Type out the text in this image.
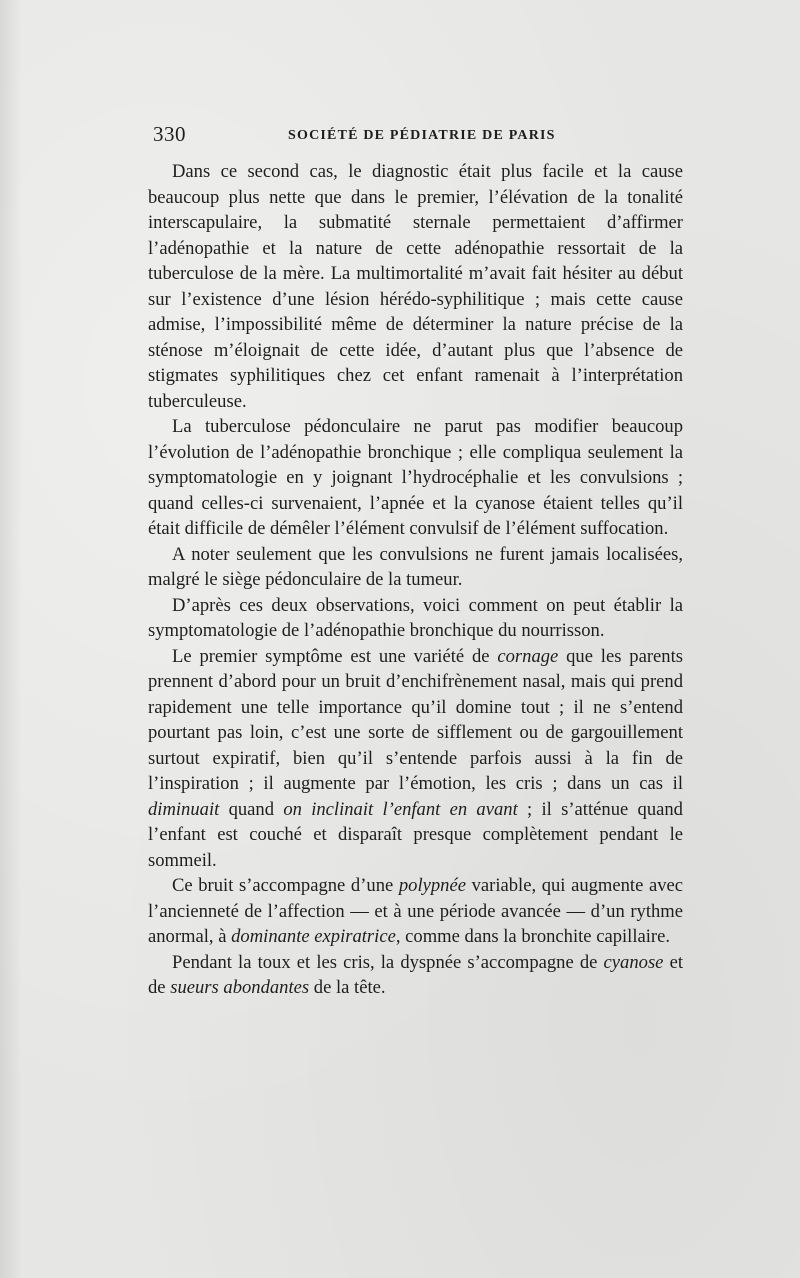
330	SOCIÉTÉ DE PÉDIATRIE DE PARIS

Dans ce second cas, le diagnostic était plus facile et la cause beaucoup plus nette que dans le premier, l’élévation de la tonalité interscapulaire, la submatité sternale permettaient d’affirmer l’adénopathie et la nature de cette adénopathie ressortait de la tuberculose de la mère. La multimortalité m’avait fait hésiter au début sur l’existence d’une lésion hérédo-syphilitique ; mais cette cause admise, l’impossibilité même de déterminer la nature précise de la sténose m’éloignait de cette idée, d’autant plus que l’absence de stigmates syphilitiques chez cet enfant ramenait à l’interprétation tuberculeuse.

La tuberculose pédonculaire ne parut pas modifier beaucoup l’évolution de l’adénopathie bronchique ; elle compliqua seulement la symptomatologie en y joignant l’hydrocéphalie et les convulsions ; quand celles-ci survenaient, l’apnée et la cyanose étaient telles qu’il était difficile de démêler l’élément convulsif de l’élément suffocation.

A noter seulement que les convulsions ne furent jamais localisées, malgré le siège pédonculaire de la tumeur.

D’après ces deux observations, voici comment on peut établir la symptomatologie de l’adénopathie bronchique du nourrisson.

Le premier symptôme est une variété de cornage que les parents prennent d’abord pour un bruit d’enchifrènement nasal, mais qui prend rapidement une telle importance qu’il domine tout ; il ne s’entend pourtant pas loin, c’est une sorte de sifflement ou de gargouillement surtout expiratif, bien qu’il s’entende parfois aussi à la fin de l’inspiration ; il augmente par l’émotion, les cris ; dans un cas il diminuait quand on inclinait l’enfant en avant ; il s’atténue quand l’enfant est couché et disparaît presque complètement pendant le sommeil.

Ce bruit s’accompagne d’une polypnée variable, qui augmente avec l’ancienneté de l’affection — et à une période avancée — d’un rythme anormal, à dominante expiratrice, comme dans la bronchite capillaire.

Pendant la toux et les cris, la dyspnée s’accompagne de cyanose et de sueurs abondantes de la tête.
